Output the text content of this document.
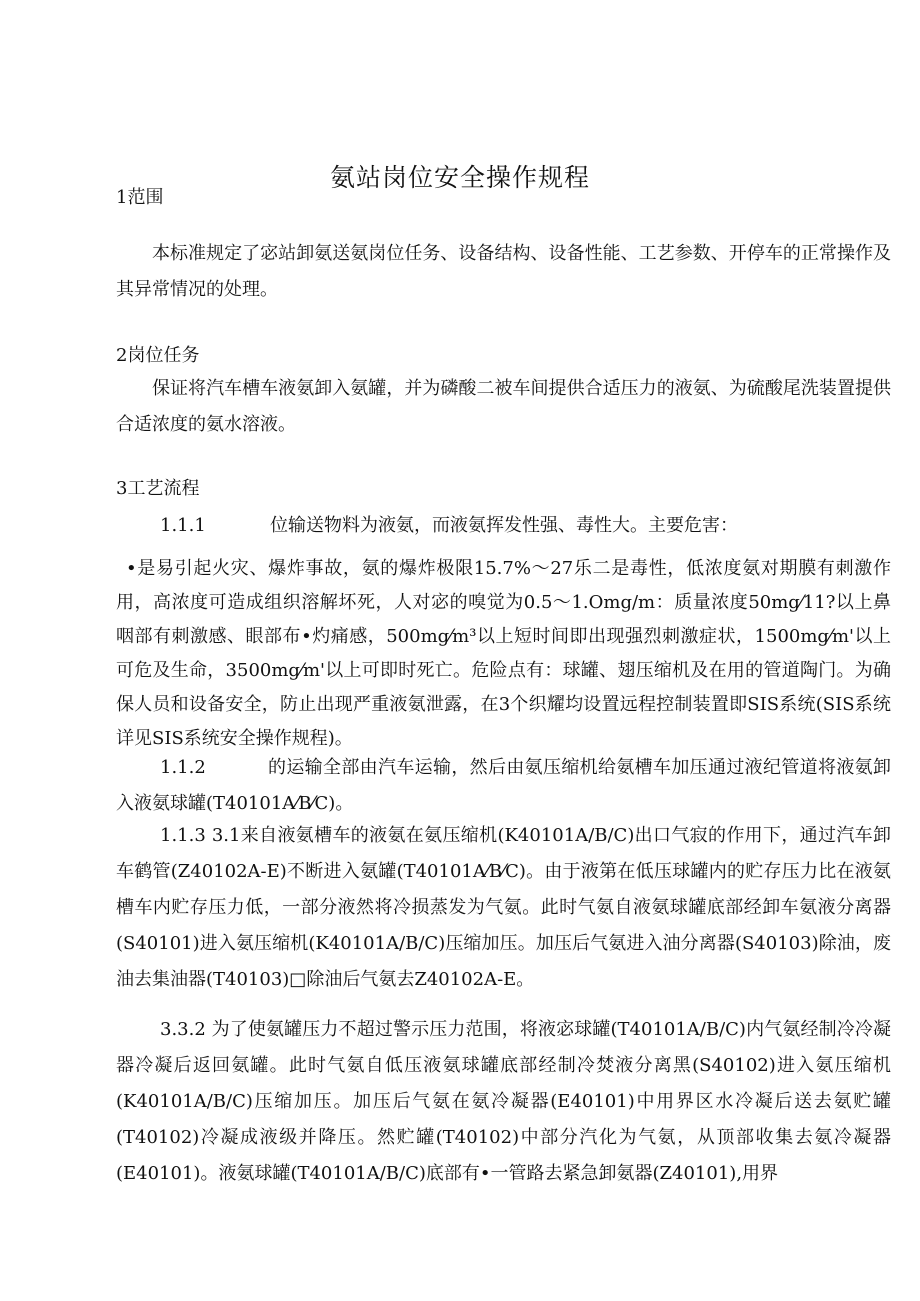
氨站岗位安全操作规程
1范围
本标准规定了宓站卸氨送氨岗位任务、设备结构、设备性能、工艺参数、开停车的正常操作及其异常情况的处理。
2岗位任务
保证将汽车槽车液氨卸入氨罐，并为磷酸二被车间提供合适压力的液氨、为硫酸尾洗装置提供合适浓度的氨水溶液。
3工艺流程
1.1.1	位输送物料为液氨，而液氨挥发性强、毒性大。主要危害：
•是易引起火灾、爆炸事故，氨的爆炸极限15.7%～27乐二是毒性，低浓度氨对期膜有刺激作用，高浓度可造成组织溶解坏死，人对宓的嗅觉为0.5～1.Omg/m：质量浓度50mg⁄11?以上鼻咽部有刺激感、眼部布•灼痛感，500mg⁄m³以上短时间即出现强烈刺激症状，1500mg⁄m'以上可危及生命，3500mg⁄m'以上可即时死亡。危险点有：球罐、翅压缩机及在用的管道陶门。为确保人员和设备安全，防止出现严重液氨泄露，在3个织耀均设置远程控制装置即SIS系统(SIS系统详见SIS系统安全操作规程)。
1.1.2	的运输全部由汽车运输，然后由氨压缩机给氨槽车加压通过液纪管道将液氨卸入液氨球罐(T40101A⁄B⁄C)。
1.1.3 3.1来自液氨槽车的液氨在氨压缩机(K40101A/B/C)出口气寂的作用下，通过汽车卸车鹤管(Z40102A-E)不断进入氨罐(T40101A⁄B⁄C)。由于液第在低压球罐内的贮存压力比在液氨槽车内贮存压力低，一部分液然将冷损蒸发为气氨。此时气氨自液氨球罐底部经卸车氨液分离器(S40101)进入氨压缩机(K40101A/B/C)压缩加压。加压后气氨进入油分离器(S40103)除油，废油去集油器(T40103)□除油后气氨去Z40102A-E。
3.3.2 为了使氨罐压力不超过警示压力范围，将液宓球罐(T40101A/B/C)内气氨经制冷冷凝器冷凝后返回氨罐。此时气氨自低压液氨球罐底部经制冷焚液分离黑(S40102)进入氨压缩机(K40101A/B/C)压缩加压。加压后气氨在氨冷凝器(E40101)中用界区水冷凝后送去氨贮罐(T40102)冷凝成液级并降压。然贮罐(T40102)中部分汽化为气氨，从顶部收集去氨冷凝器(E40101)。液氨球罐(T40101A/B/C)底部有•一管路去紧急卸氨器(Z40101),用界
